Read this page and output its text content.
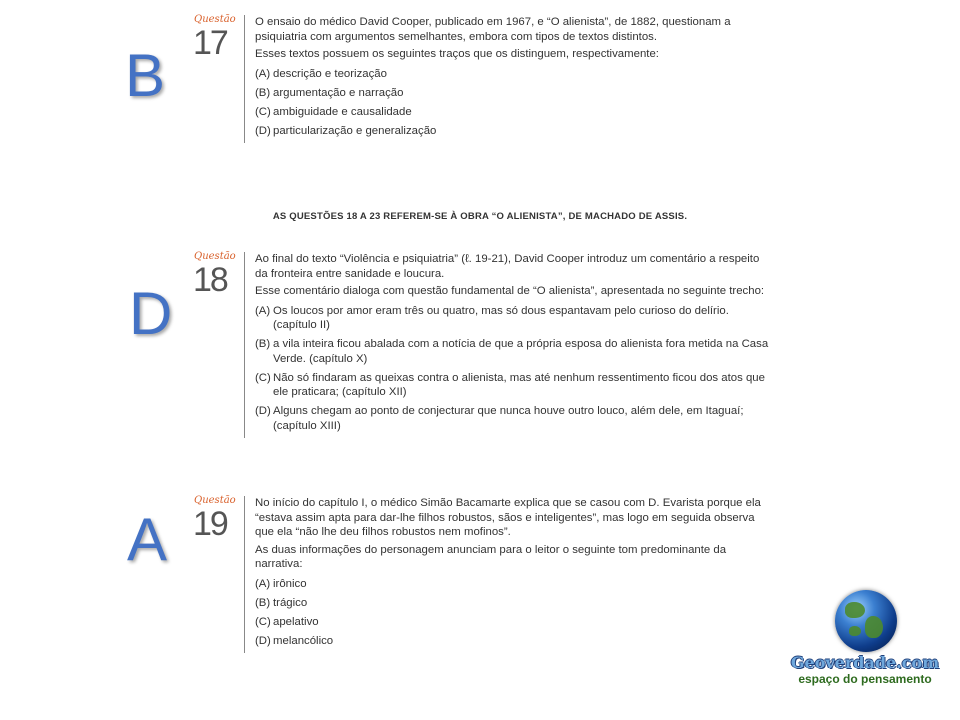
B
D
A
Questão
17

O ensaio do médico David Cooper, publicado em 1967, e “O alienista”, de 1882, questionam a psiquiatria com argumentos semelhantes, embora com tipos de textos distintos.

Esses textos possuem os seguintes traços que os distinguem, respectivamente:

(A) descrição e teorização
(B) argumentação e narração
(C) ambiguidade e causalidade
(D) particularização e generalização
AS QUESTÕES 18 A 23 REFEREM-SE À OBRA “O ALIENISTA”, DE MACHADO DE ASSIS.
Questão
18

Ao final do texto “Violência e psiquiatria” (ℓ. 19-21), David Cooper introduz um comentário a respeito da fronteira entre sanidade e loucura.

Esse comentário dialoga com questão fundamental de “O alienista”, apresentada no seguinte trecho:

(A) Os loucos por amor eram três ou quatro, mas só dous espantavam pelo curioso do delírio. (capítulo II)
(B) a vila inteira ficou abalada com a notícia de que a própria esposa do alienista fora metida na Casa Verde. (capítulo X)
(C) Não só findaram as queixas contra o alienista, mas até nenhum ressentimento ficou dos atos que ele praticara; (capítulo XII)
(D) Alguns chegam ao ponto de conjecturar que nunca houve outro louco, além dele, em Itaguaí; (capítulo XIII)
Questão
19

No início do capítulo I, o médico Simão Bacamarte explica que se casou com D. Evarista porque ela “estava assim apta para dar-lhe filhos robustos, sãos e inteligentes”, mas logo em seguida observa que ela “não lhe deu filhos robustos nem mofinos”.

As duas informações do personagem anunciam para o leitor o seguinte tom predominante da narrativa:

(A) irônico
(B) trágico
(C) apelativo
(D) melancólico
Geoverdade.com
espaço do pensamento
